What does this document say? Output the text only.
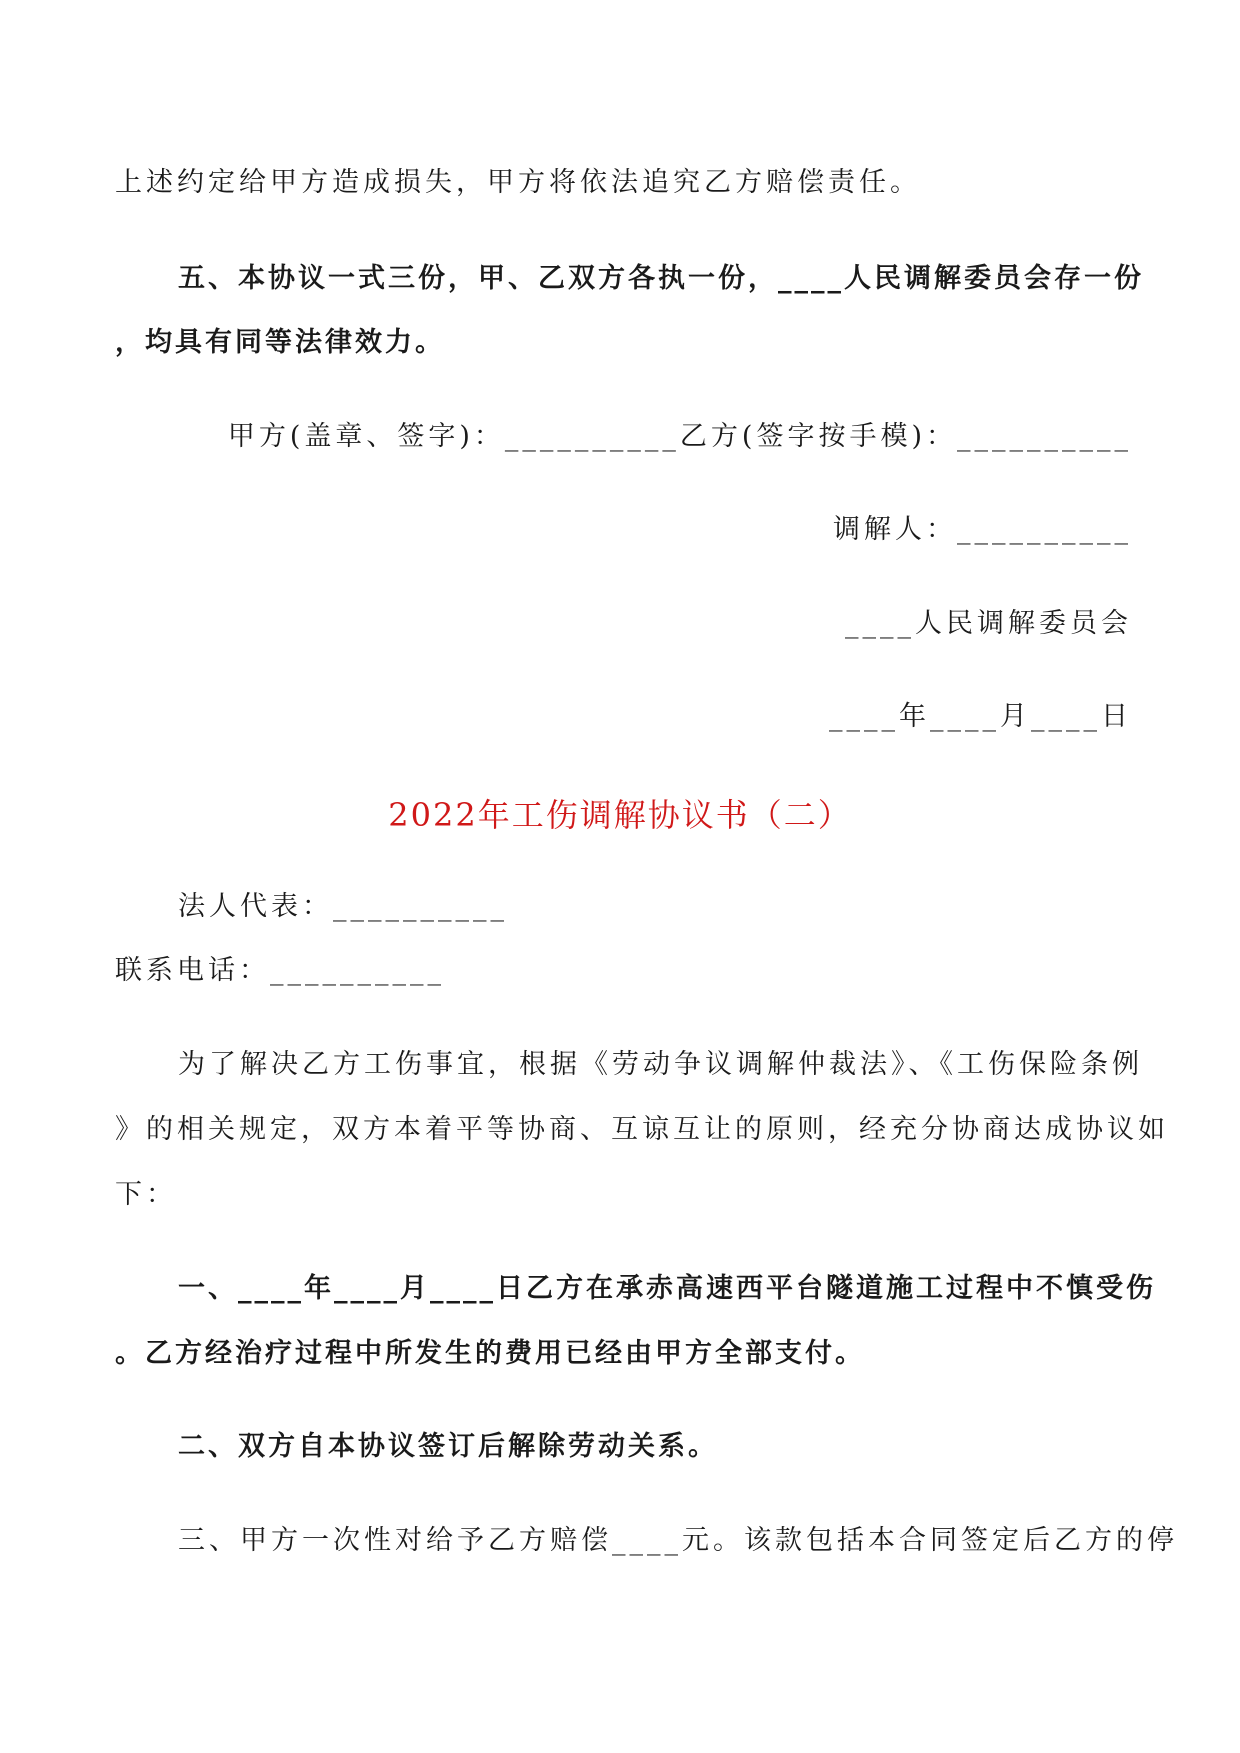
上述约定给甲方造成损失，甲方将依法追究乙方赔偿责任。
五、本协议一式三份，甲、乙双方各执一份，____人民调解委员会存一份
，均具有同等法律效力。
甲方(盖章、签字)：__________乙方(签字按手模)：__________
调解人：__________
____人民调解委员会
____年____月____日
2022年工伤调解协议书（二）
法人代表：__________
联系电话：__________
为了解决乙方工伤事宜，根据《劳动争议调解仲裁法》、《工伤保险条例
》的相关规定，双方本着平等协商、互谅互让的原则，经充分协商达成协议如
下：
一、____年____月____日乙方在承赤高速西平台隧道施工过程中不慎受伤
。乙方经治疗过程中所发生的费用已经由甲方全部支付。
二、双方自本协议签订后解除劳动关系。
三、甲方一次性对给予乙方赔偿____元。该款包括本合同签定后乙方的停
